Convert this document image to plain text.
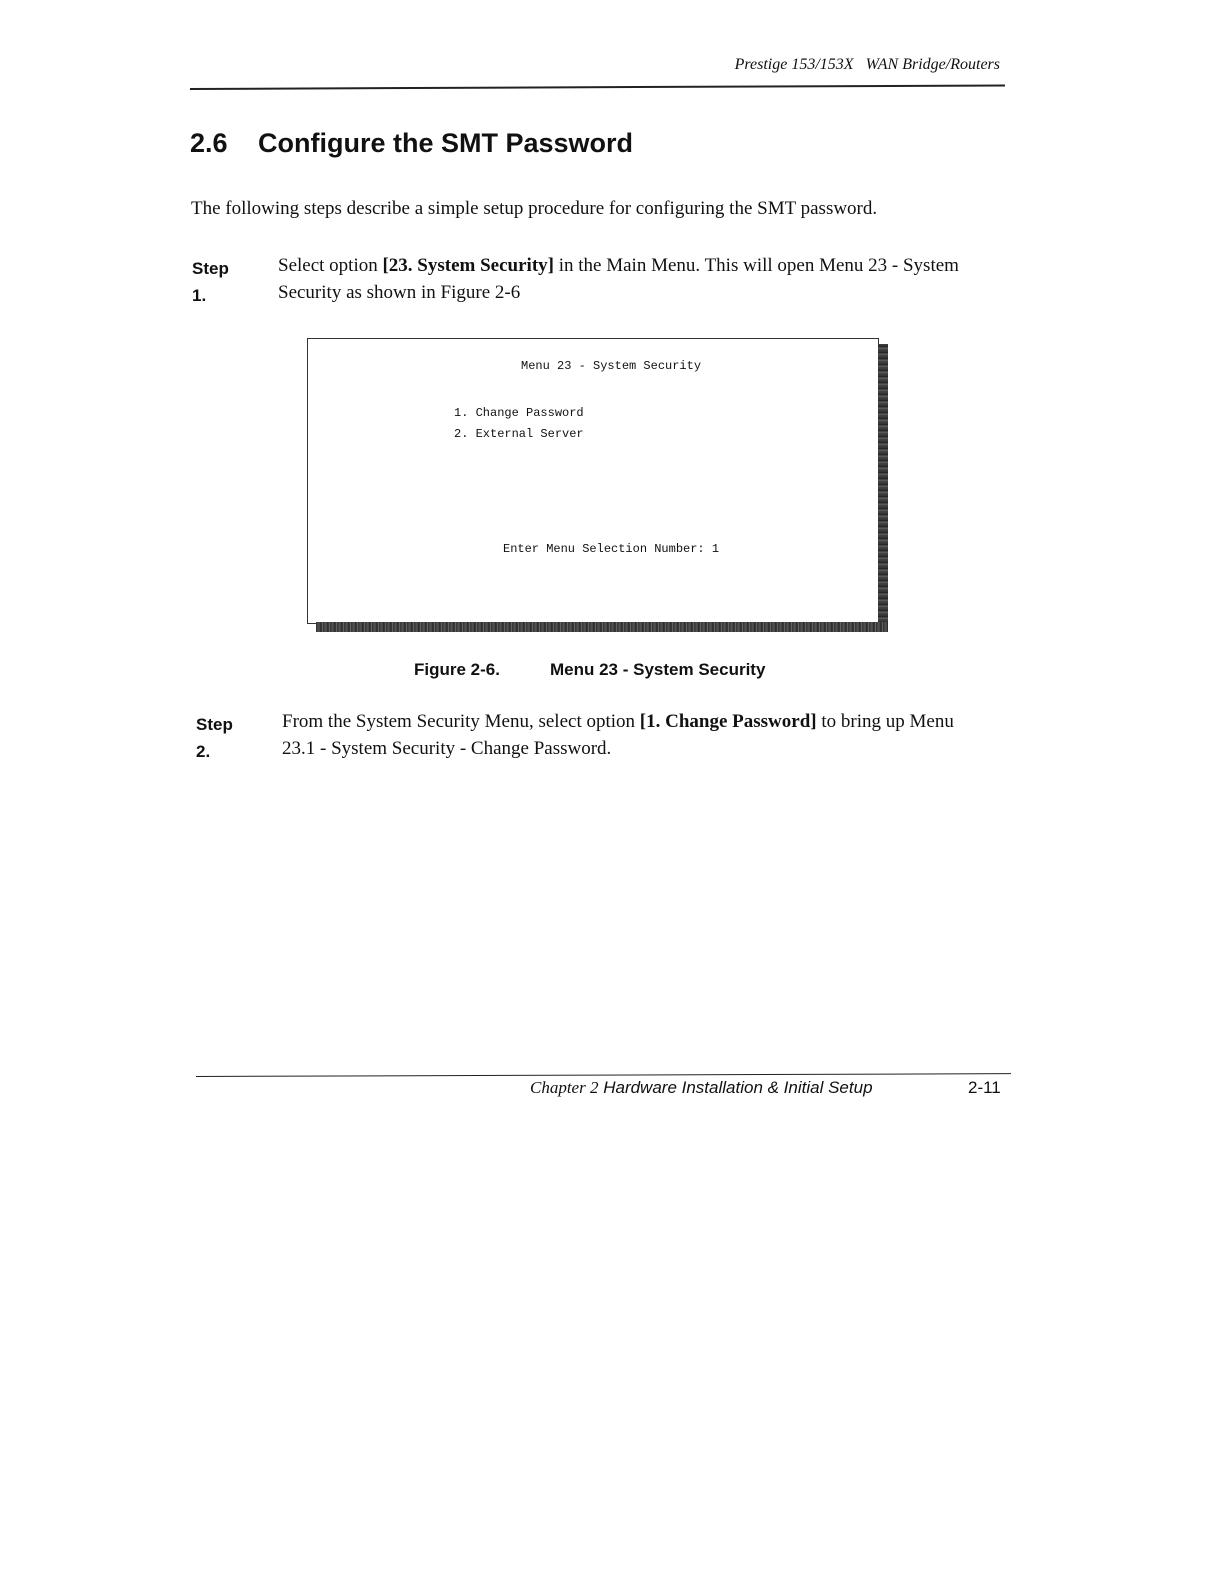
Prestige 153/153X   WAN Bridge/Routers
2.6 Configure the SMT Password
The following steps describe a simple setup procedure for configuring the SMT password.
Step 1.
Select option [23. System Security] in the Main Menu. This will open Menu 23 - System Security as shown in Figure 2-6
Menu 23 - System Security
1. Change Password
2. External Server
Enter Menu Selection Number: 1
Figure 2-6.	Menu 23 - System Security
Step 2.
From the System Security Menu, select option [1. Change Password] to bring up Menu 23.1 - System Security - Change Password.
Chapter 2 Hardware Installation & Initial Setup	2-11
